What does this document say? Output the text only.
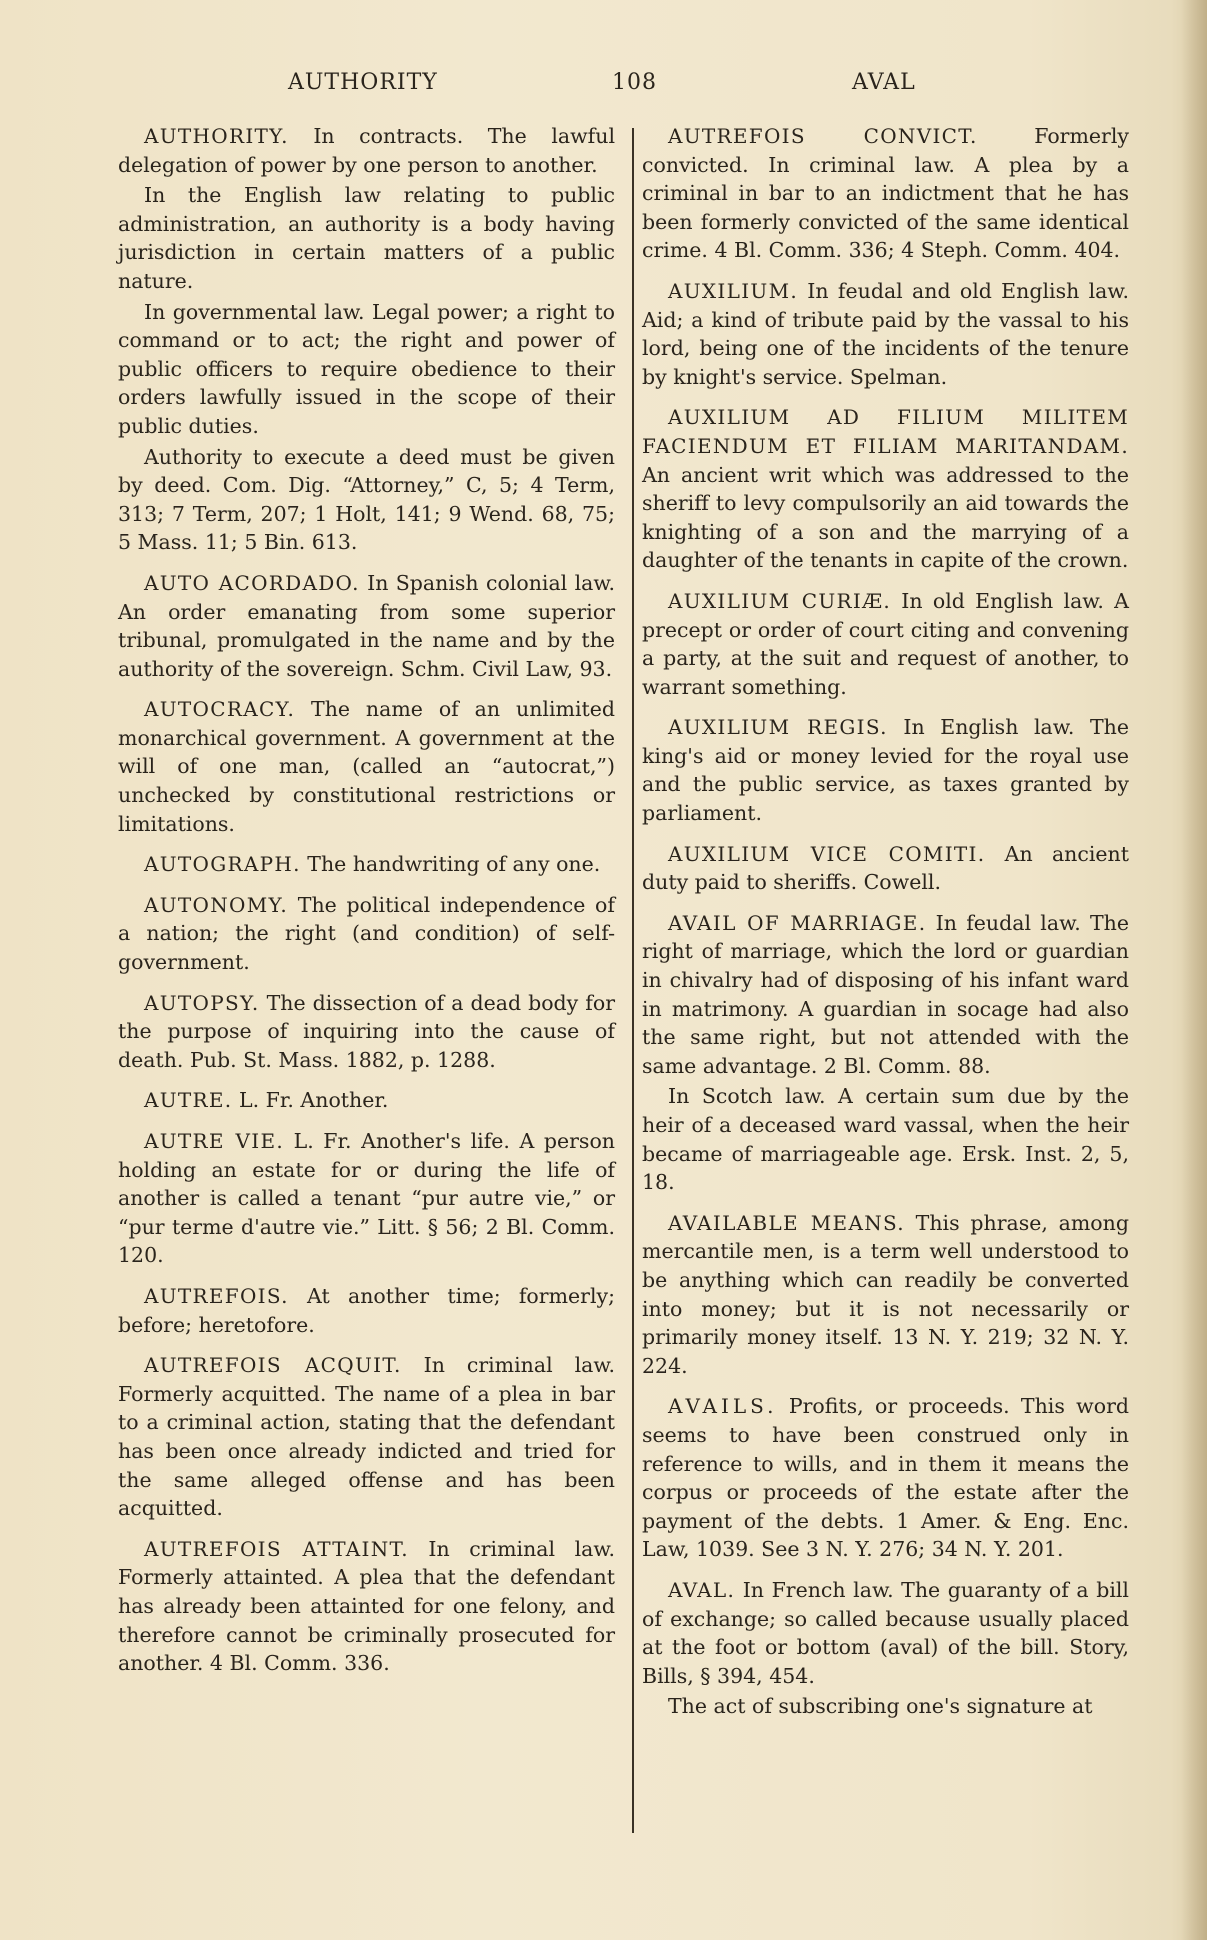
AUTHORITY	108	AVAL

AUTHORITY. In contracts. The lawful delegation of power by one person to another.

In the English law relating to public administration, an authority is a body having jurisdiction in certain matters of a public nature.

In governmental law. Legal power; a right to command or to act; the right and power of public officers to require obedience to their orders lawfully issued in the scope of their public duties.

Authority to execute a deed must be given by deed. Com. Dig. “Attorney,” C, 5; 4 Term, 313; 7 Term, 207; 1 Holt, 141; 9 Wend. 68, 75; 5 Mass. 11; 5 Bin. 613.

AUTO ACORDADO. In Spanish colonial law. An order emanating from some superior tribunal, promulgated in the name and by the authority of the sovereign. Schm. Civil Law, 93.

AUTOCRACY. The name of an unlimited monarchical government. A government at the will of one man, (called an “autocrat,”) unchecked by constitutional restrictions or limitations.

AUTOGRAPH. The handwriting of any one.

AUTONOMY. The political independence of a nation; the right (and condition) of self-government.

AUTOPSY. The dissection of a dead body for the purpose of inquiring into the cause of death. Pub. St. Mass. 1882, p. 1288.

AUTRE. L. Fr. Another.

AUTRE VIE. L. Fr. Another's life. A person holding an estate for or during the life of another is called a tenant “pur autre vie,” or “pur terme d'autre vie.” Litt. § 56; 2 Bl. Comm. 120.

AUTREFOIS. At another time; formerly; before; heretofore.

AUTREFOIS ACQUIT. In criminal law. Formerly acquitted. The name of a plea in bar to a criminal action, stating that the defendant has been once already indicted and tried for the same alleged offense and has been acquitted.

AUTREFOIS ATTAINT. In criminal law. Formerly attainted. A plea that the defendant has already been attainted for one felony, and therefore cannot be criminally prosecuted for another. 4 Bl. Comm. 336.

AUTREFOIS CONVICT. Formerly convicted. In criminal law. A plea by a criminal in bar to an indictment that he has been formerly convicted of the same identical crime. 4 Bl. Comm. 336; 4 Steph. Comm. 404.

AUXILIUM. In feudal and old English law. Aid; a kind of tribute paid by the vassal to his lord, being one of the incidents of the tenure by knight's service. Spelman.

AUXILIUM AD FILIUM MILITEM FACIENDUM ET FILIAM MARITANDAM. An ancient writ which was addressed to the sheriff to levy compulsorily an aid towards the knighting of a son and the marrying of a daughter of the tenants in capite of the crown.

AUXILIUM CURIÆ. In old English law. A precept or order of court citing and convening a party, at the suit and request of another, to warrant something.

AUXILIUM REGIS. In English law. The king's aid or money levied for the royal use and the public service, as taxes granted by parliament.

AUXILIUM VICE COMITI. An ancient duty paid to sheriffs. Cowell.

AVAIL OF MARRIAGE. In feudal law. The right of marriage, which the lord or guardian in chivalry had of disposing of his infant ward in matrimony. A guardian in socage had also the same right, but not attended with the same advantage. 2 Bl. Comm. 88.

In Scotch law. A certain sum due by the heir of a deceased ward vassal, when the heir became of marriageable age. Ersk. Inst. 2, 5, 18.

AVAILABLE MEANS. This phrase, among mercantile men, is a term well understood to be anything which can readily be converted into money; but it is not necessarily or primarily money itself. 13 N. Y. 219; 32 N. Y. 224.

AVAILS. Profits, or proceeds. This word seems to have been construed only in reference to wills, and in them it means the corpus or proceeds of the estate after the payment of the debts. 1 Amer. & Eng. Enc. Law, 1039. See 3 N. Y. 276; 34 N. Y. 201.

AVAL. In French law. The guaranty of a bill of exchange; so called because usually placed at the foot or bottom (aval) of the bill. Story, Bills, § 394, 454.

The act of subscribing one's signature at
